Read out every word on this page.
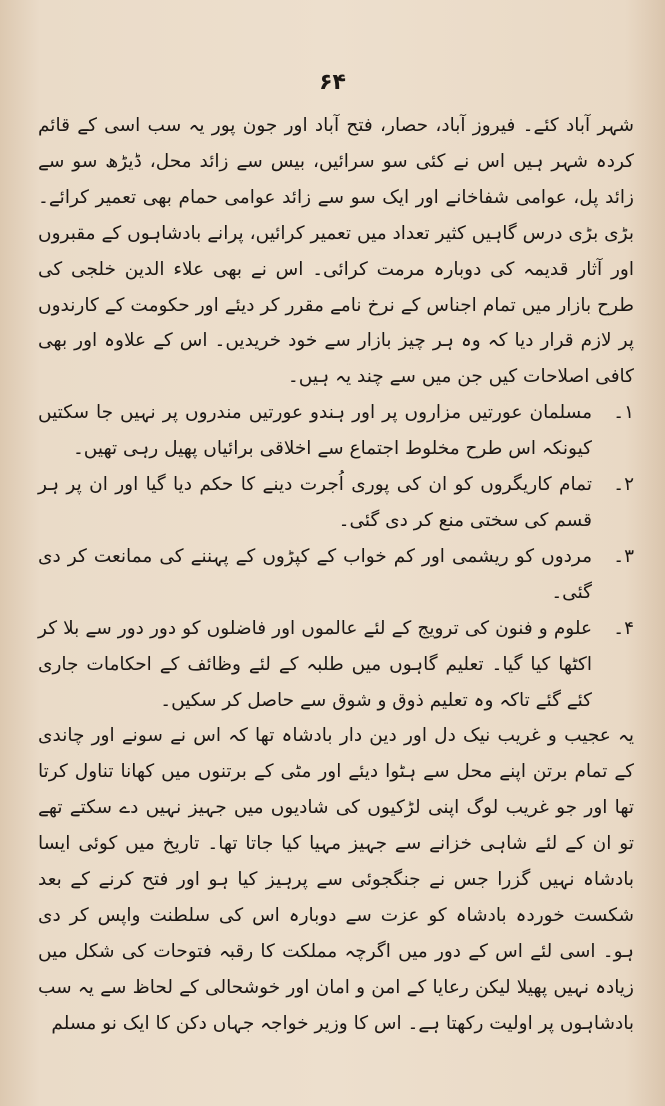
۶۴

شہر آباد کئے۔ فیروز آباد، حصار، فتح آباد اور جون پور یہ سب اسی کے قائم کردہ شہر ہیں اس نے کئی سو سرائیں، بیس سے زائد محل، ڈیڑھ سو سے زائد پل، عوامی شفاخانے اور ایک سو سے زائد عوامی حمام بھی تعمیر کرائے۔ بڑی بڑی درس گاہیں کثیر تعداد میں تعمیر کرائیں، پرانے بادشاہوں کے مقبروں اور آثار قدیمہ کی دوبارہ مرمت کرائی۔ اس نے بھی علاء الدین خلجی کی طرح بازار میں تمام اجناس کے نرخ نامے مقرر کر دیئے اور حکومت کے کارندوں پر لازم قرار دیا کہ وہ ہر چیز بازار سے خود خریدیں۔ اس کے علاوہ اور بھی کافی اصلاحات کیں جن میں سے چند یہ ہیں۔

۱۔
مسلمان عورتیں مزاروں پر اور ہندو عورتیں مندروں پر نہیں جا سکتیں کیونکہ اس طرح مخلوط اجتماع سے اخلاقی برائیاں پھیل رہی تھیں۔
۲۔
تمام کاریگروں کو ان کی پوری اُجرت دینے کا حکم دیا گیا اور ان پر ہر قسم کی سختی منع کر دی گئی۔
۳۔
مردوں کو ریشمی اور کم خواب کے کپڑوں کے پہننے کی ممانعت کر دی گئی۔
۴۔
علوم و فنون کی ترویج کے لئے عالموں اور فاضلوں کو دور دور سے بلا کر اکٹھا کیا گیا۔ تعلیم گاہوں میں طلبہ کے لئے وظائف کے احکامات جاری کئے گئے تاکہ وہ تعلیم ذوق و شوق سے حاصل کر سکیں۔

یہ عجیب و غریب نیک دل اور دین دار بادشاہ تھا کہ اس نے سونے اور چاندی کے تمام برتن اپنے محل سے ہٹوا دیئے اور مٹی کے برتنوں میں کھانا تناول کرتا تھا اور جو غریب لوگ اپنی لڑکیوں کی شادیوں میں جہیز نہیں دے سکتے تھے تو ان کے لئے شاہی خزانے سے جہیز مہیا کیا جاتا تھا۔ تاریخ میں کوئی ایسا بادشاہ نہیں گزرا جس نے جنگجوئی سے پرہیز کیا ہو اور فتح کرنے کے بعد شکست خوردہ بادشاہ کو عزت سے دوبارہ اس کی سلطنت واپس کر دی ہو۔ اسی لئے اس کے دور میں اگرچہ مملکت کا رقبہ فتوحات کی شکل میں زیادہ نہیں پھیلا لیکن رعایا کے امن و امان اور خوشحالی کے لحاظ سے یہ سب بادشاہوں پر اولیت رکھتا ہے۔ اس کا وزیر خواجہ جہاں دکن کا ایک نو مسلم
